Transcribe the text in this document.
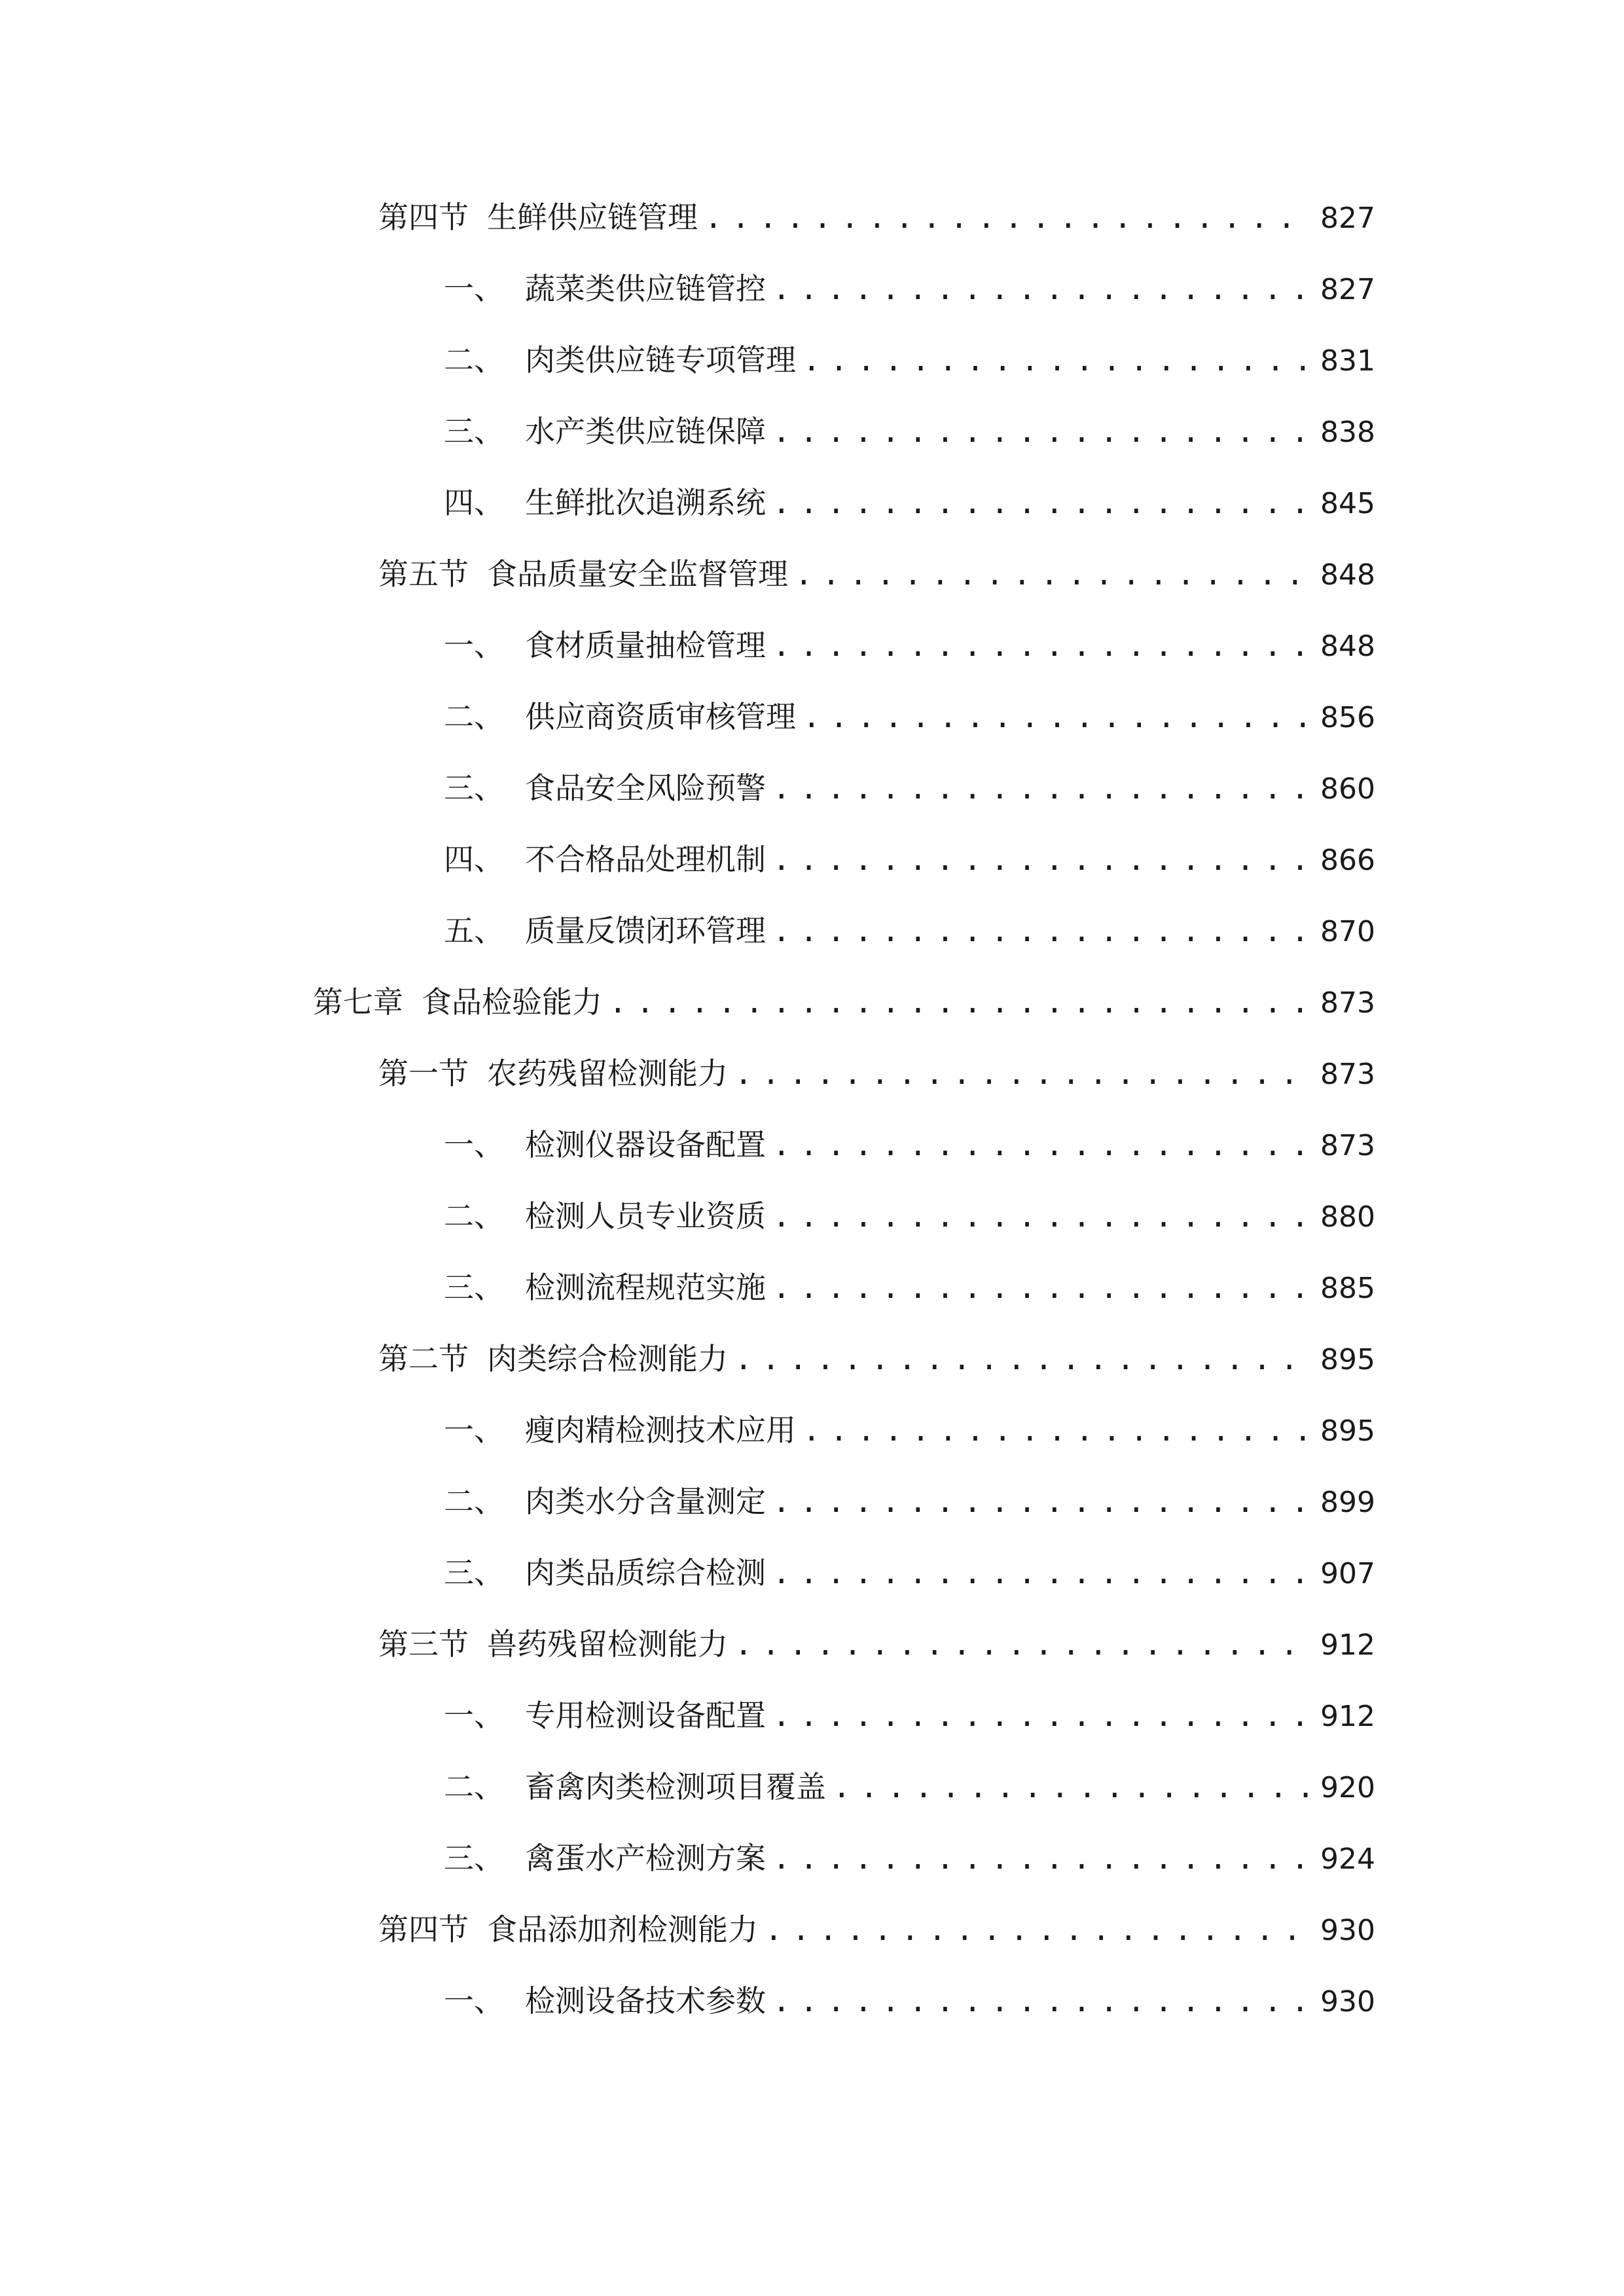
第四节 生鲜供应链管理 .....	827
一、 蔬菜类供应链管控 .....	827
二、 肉类供应链专项管理 .....	831
三、 水产类供应链保障 .....	838
四、 生鲜批次追溯系统 .....	845
第五节 食品质量安全监督管理 .....	848
一、 食材质量抽检管理 .....	848
二、 供应商资质审核管理 .....	856
三、 食品安全风险预警 .....	860
四、 不合格品处理机制 .....	866
五、 质量反馈闭环管理 .....	870
第七章 食品检验能力 .....	873
第一节 农药残留检测能力 .....	873
一、 检测仪器设备配置 .....	873
二、 检测人员专业资质 .....	880
三、 检测流程规范实施 .....	885
第二节 肉类综合检测能力 .....	895
一、 瘦肉精检测技术应用 .....	895
二、 肉类水分含量测定 .....	899
三、 肉类品质综合检测 .....	907
第三节 兽药残留检测能力 .....	912
一、 专用检测设备配置 .....	912
二、 畜禽肉类检测项目覆盖 .....	920
三、 禽蛋水产检测方案 .....	924
第四节 食品添加剂检测能力 .....	930
一、 检测设备技术参数 .....	930
